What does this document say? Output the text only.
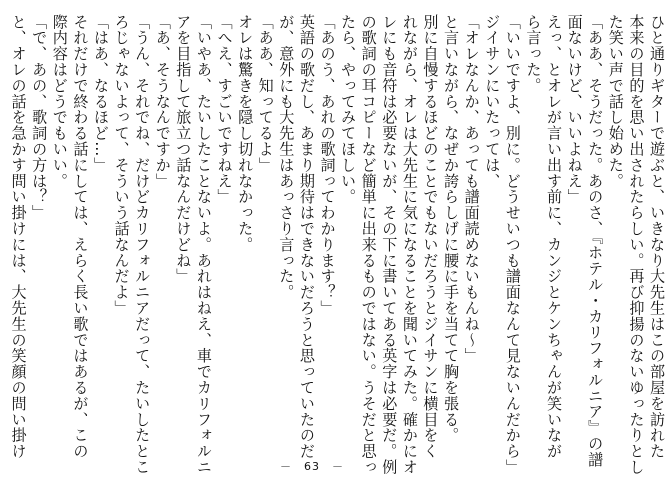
ひと通りギターで遊ぶと、いきなり大先生はこの部屋を訪れた
本来の目的を思い出されたらしい。再び抑揚のないゆったりとし
た笑い声で話し始めた。
「ああ、そうだった。あのさ、『ホテル・カリフォルニア』の譜
面ないけど、いいよねえ」
えっ、とオレが言い出す前に、カンジとケンちゃんが笑いなが
ら言った。
「いいですよ、別に。どうせいつも譜面なんて見ないんだから」
ジイサンにいたっては、
「オレなんか、あっても譜面読めないもんね～」
と言いながら、なぜか誇らしげに腰に手を当てて胸を張る。
別に自慢するほどのことでもないだろうとジイサンに横目をく
れながら、オレは大先生に気になることを聞いてみた。確かにオ
レにも音符は必要ないが、その下に書いてある英字は必要だ。例
の歌詞の耳コピーなど簡単に出来るものではない。うそだと思っ
たら、やってみてほしい。
「あのう、あれの歌詞ってわかります？」
英語の歌だし、あまり期待はできないだろうと思っていたのだ
が、意外にも大先生はあっさり言った。
「ああ、知ってるよ」
オレは驚きを隠し切れなかった。
「へえ、すごいですねえ」
「いやあ、たいしたことないよ。あれはねえ、車でカリフォルニ
アを目指して旅立つ話なんだけどね」
「あ、そうなんですか」
「うん、それでね、だけどカリフォルニアだって、たいしたとこ
ろじゃないよって、そういう話なんだよ」
「はあ、なるほど…」
それだけで終わる話にしては、えらく長い歌ではあるが、この
際内容はどうでもいい。
「で、あの、歌詞の方は？」
と、オレの話を急かす問い掛けには、大先生の笑顔の問い掛け
－　63　－
